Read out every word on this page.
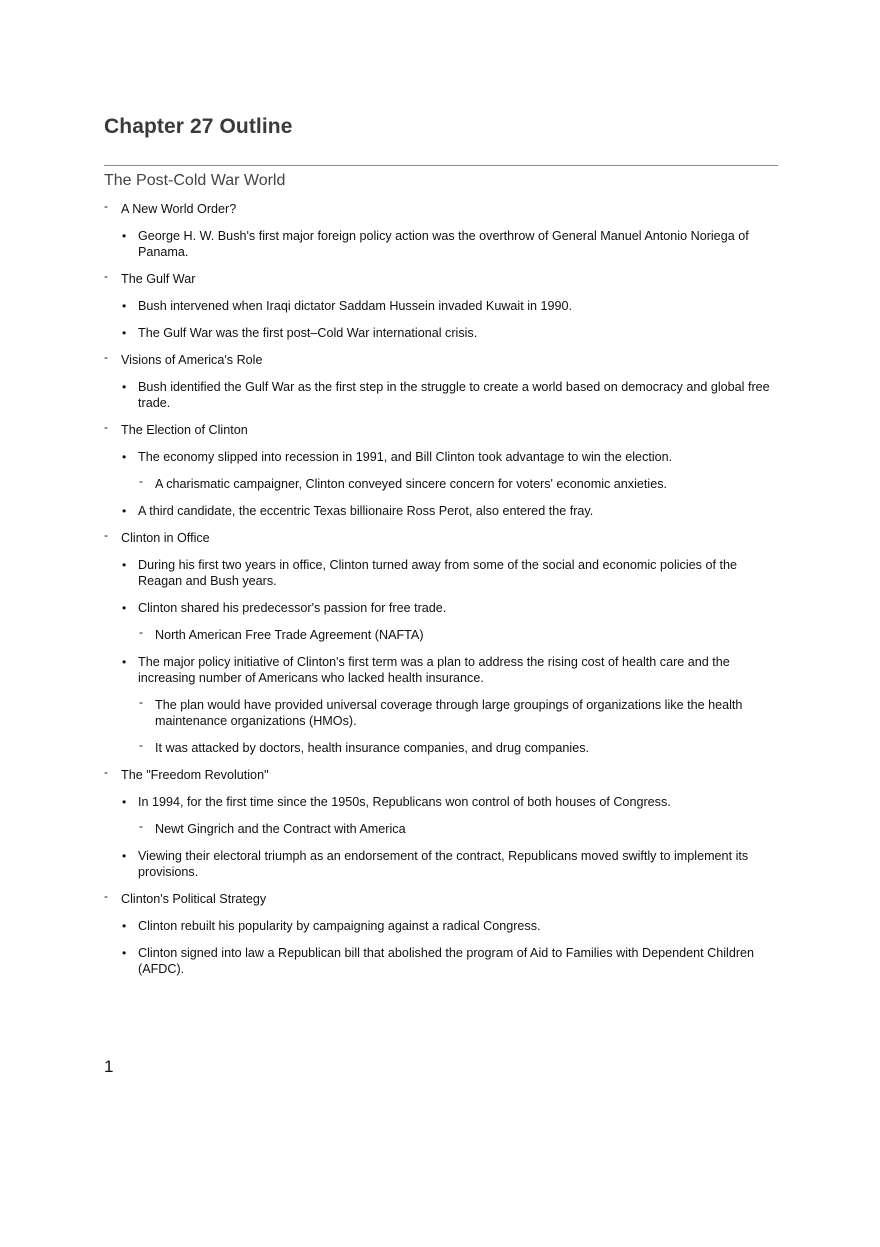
Chapter 27 Outline
The Post-Cold War World
- A New World Order?
• George H. W. Bush's first major foreign policy action was the overthrow of General Manuel Antonio Noriega of Panama.
- The Gulf War
• Bush intervened when Iraqi dictator Saddam Hussein invaded Kuwait in 1990.
• The Gulf War was the first post–Cold War international crisis.
- Visions of America's Role
• Bush identified the Gulf War as the first step in the struggle to create a world based on democracy and global free trade.
- The Election of Clinton
• The economy slipped into recession in 1991, and Bill Clinton took advantage to win the election.
- A charismatic campaigner, Clinton conveyed sincere concern for voters' economic anxieties.
• A third candidate, the eccentric Texas billionaire Ross Perot, also entered the fray.
- Clinton in Office
• During his first two years in office, Clinton turned away from some of the social and economic policies of the Reagan and Bush years.
• Clinton shared his predecessor's passion for free trade.
- North American Free Trade Agreement (NAFTA)
• The major policy initiative of Clinton's first term was a plan to address the rising cost of health care and the increasing number of Americans who lacked health insurance.
- The plan would have provided universal coverage through large groupings of organizations like the health maintenance organizations (HMOs).
- It was attacked by doctors, health insurance companies, and drug companies.
- The "Freedom Revolution"
• In 1994, for the first time since the 1950s, Republicans won control of both houses of Congress.
- Newt Gingrich and the Contract with America
• Viewing their electoral triumph as an endorsement of the contract, Republicans moved swiftly to implement its provisions.
- Clinton's Political Strategy
• Clinton rebuilt his popularity by campaigning against a radical Congress.
• Clinton signed into law a Republican bill that abolished the program of Aid to Families with Dependent Children (AFDC).
1
